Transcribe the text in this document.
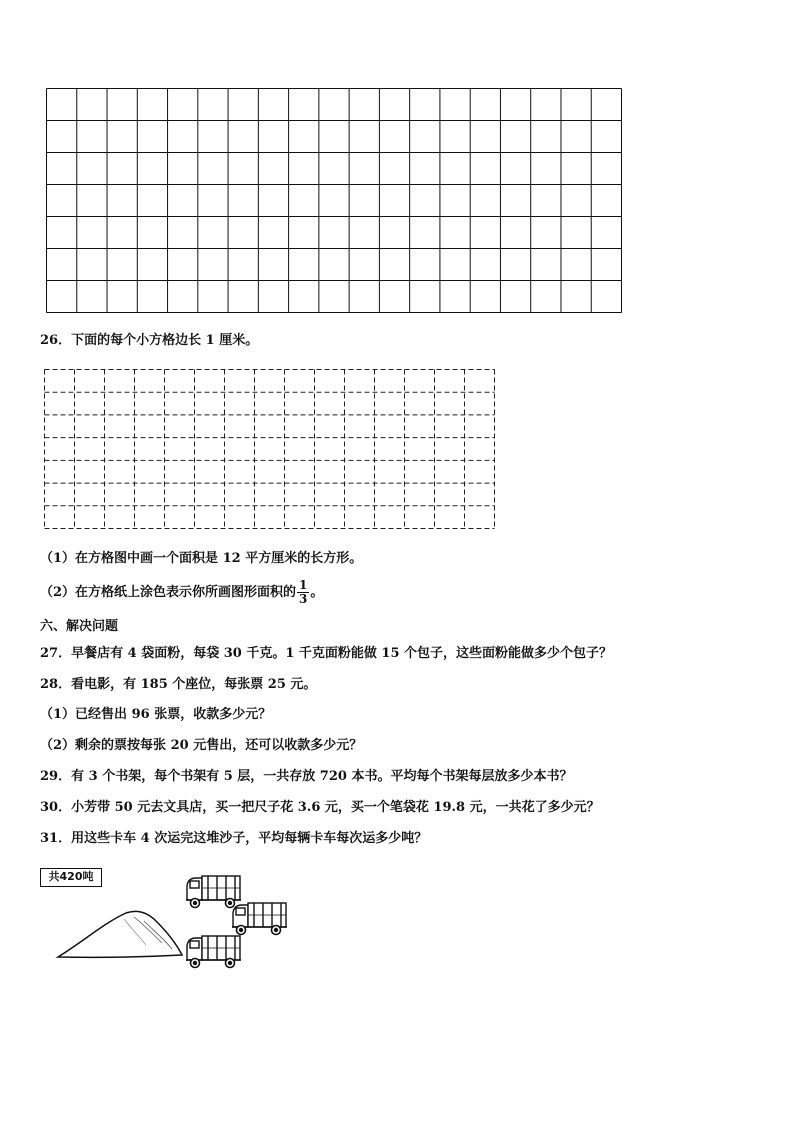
26．下面的每个小方格边长 1 厘米。
（1）在方格图中画一个面积是 12 平方厘米的长方形。
（2）在方格纸上涂色表示你所画图形面积的 $\frac{1}{3}$ 。
六、解决问题
27．早餐店有 4 袋面粉，每袋 30 千克。1 千克面粉能做 15 个包子，这些面粉能做多少个包子？
28．看电影，有 185 个座位，每张票 25 元。
（1）已经售出 96 张票，收款多少元？
（2）剩余的票按每张 20 元售出，还可以收款多少元？
29．有 3 个书架，每个书架有 5 层，一共存放 720 本书。平均每个书架每层放多少本书？
30．小芳带 50 元去文具店，买一把尺子花 3.6 元，买一个笔袋花 19.8 元，一共花了多少元？
31．用这些卡车 4 次运完这堆沙子，平均每辆卡车每次运多少吨？
共420吨
